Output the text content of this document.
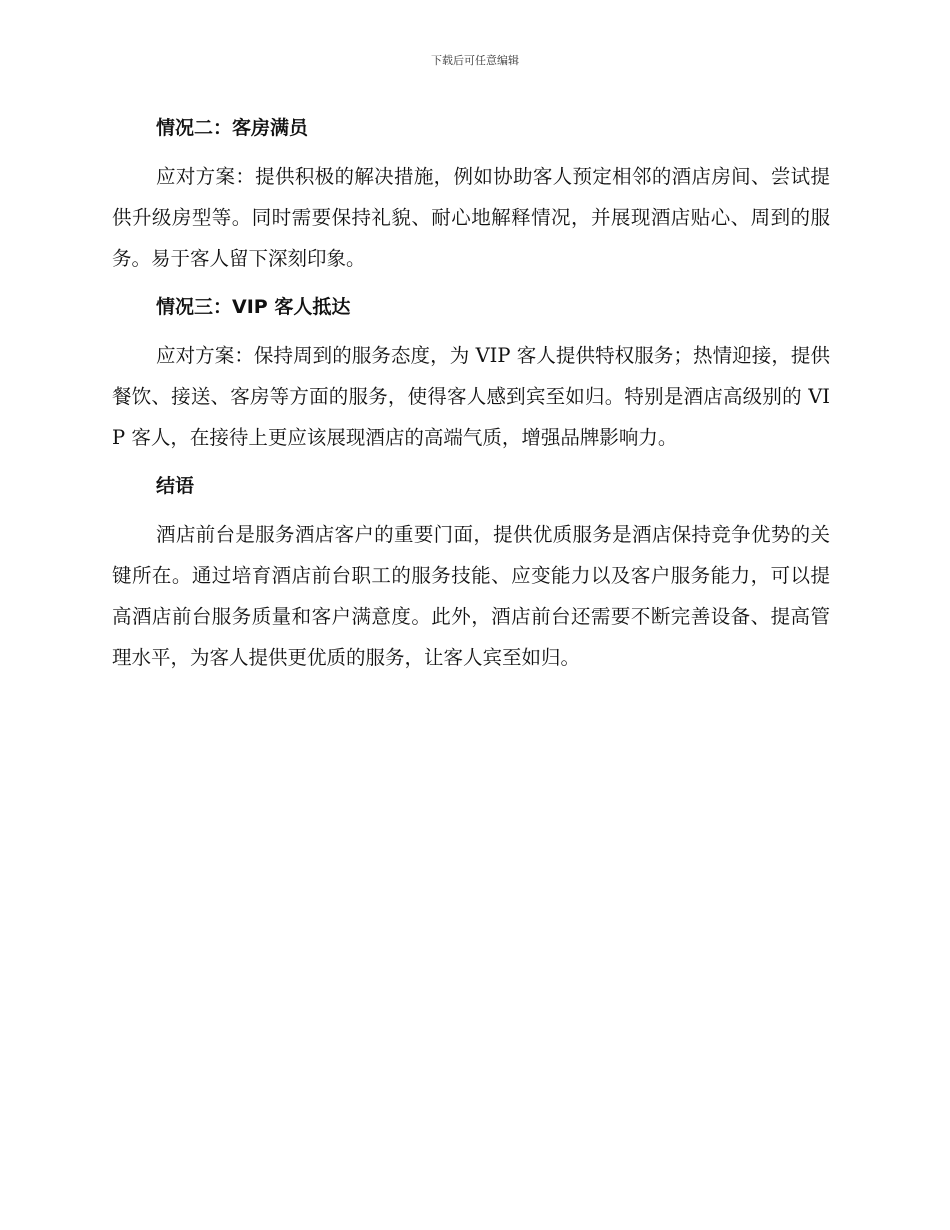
下载后可任意编辑
情况二：客房满员

应对方案：提供积极的解决措施，例如协助客人预定相邻的酒店房间、尝试提供升级房型等。同时需要保持礼貌、耐心地解释情况，并展现酒店贴心、周到的服务。易于客人留下深刻印象。

情况三：VIP 客人抵达

应对方案：保持周到的服务态度，为 VIP 客人提供特权服务；热情迎接，提供餐饮、接送、客房等方面的服务，使得客人感到宾至如归。特别是酒店高级别的 VIP 客人，在接待上更应该展现酒店的高端气质，增强品牌影响力。

结语

酒店前台是服务酒店客户的重要门面，提供优质服务是酒店保持竞争优势的关键所在。通过培育酒店前台职工的服务技能、应变能力以及客户服务能力，可以提高酒店前台服务质量和客户满意度。此外，酒店前台还需要不断完善设备、提高管理水平，为客人提供更优质的服务，让客人宾至如归。
